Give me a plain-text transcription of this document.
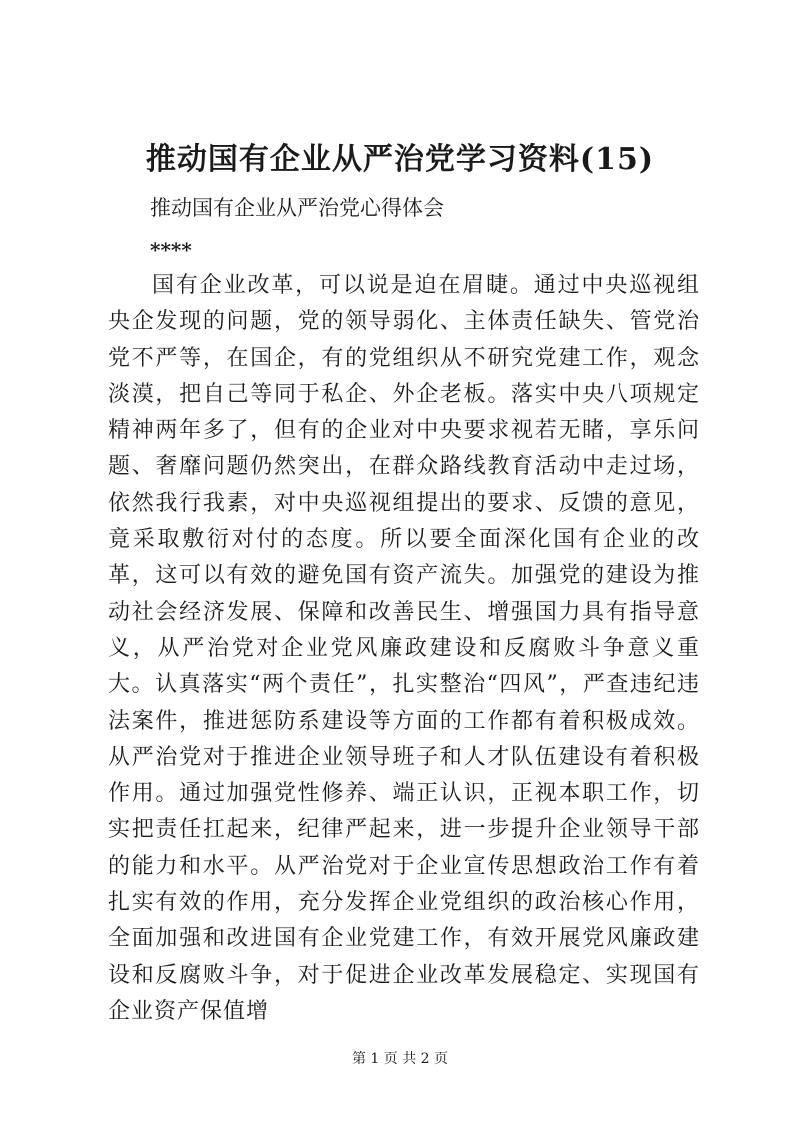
推动国有企业从严治党学习资料(15)

推动国有企业从严治党心得体会

****

国有企业改革，可以说是迫在眉睫。通过中央巡视组央企发现的问题，党的领导弱化、主体责任缺失、管党治党不严等，在国企，有的党组织从不研究党建工作，观念淡漠，把自己等同于私企、外企老板。落实中央八项规定精神两年多了，但有的企业对中央要求视若无睹，享乐问题、奢靡问题仍然突出，在群众路线教育活动中走过场，依然我行我素，对中央巡视组提出的要求、反馈的意见，竟采取敷衍对付的态度。所以要全面深化国有企业的改革，这可以有效的避免国有资产流失。加强党的建设为推动社会经济发展、保障和改善民生、增强国力具有指导意义，从严治党对企业党风廉政建设和反腐败斗争意义重大。认真落实“两个责任”，扎实整治“四风”，严查违纪违法案件，推进惩防系建设等方面的工作都有着积极成效。从严治党对于推进企业领导班子和人才队伍建设有着积极作用。通过加强党性修养、端正认识，正视本职工作，切实把责任扛起来，纪律严起来，进一步提升企业领导干部的能力和水平。从严治党对于企业宣传思想政治工作有着扎实有效的作用，充分发挥企业党组织的政治核心作用，全面加强和改进国有企业党建工作，有效开展党风廉政建设和反腐败斗争，对于促进企业改革发展稳定、实现国有企业资产保值增

第 1 页 共 2 页
